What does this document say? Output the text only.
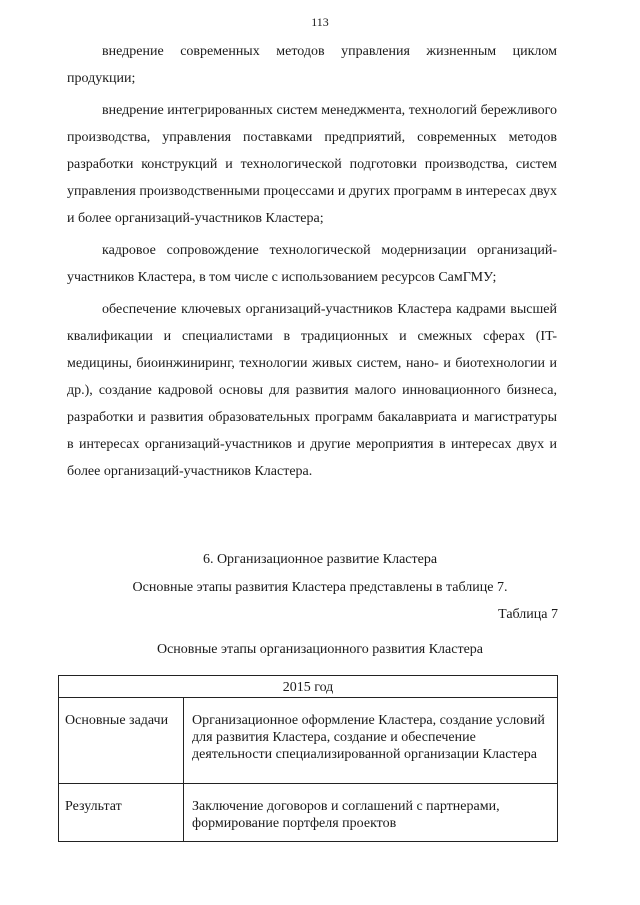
113

внедрение современных методов управления жизненным циклом продукции;

внедрение интегрированных систем менеджмента, технологий бережливого производства, управления поставками предприятий, современных методов разработки конструкций и технологической подготовки производства, систем управления производственными процессами и других программ в интересах двух и более организаций-участников Кластера;

кадровое сопровождение технологической модернизации организаций-участников Кластера, в том числе с использованием ресурсов СамГМУ;

обеспечение ключевых организаций-участников Кластера кадрами высшей квалификации и специалистами в традиционных и смежных сферах (IT-медицины, биоинжиниринг, технологии живых систем, нано- и биотехнологии и др.), создание кадровой основы для развития малого инновационного бизнеса, разработки и развития образовательных программ бакалавриата и магистратуры в интересах организаций-участников и другие мероприятия в интересах двух и более организаций-участников Кластера.

6. Организационное развитие Кластера
Основные этапы развития Кластера представлены в таблице 7.
Таблица 7
Основные этапы организационного развития Кластера
2015 год	
Основные задачи	Организационное оформление Кластера, создание условий для развития Кластера, создание и обеспечение деятельности специализированной организации Кластера
Результат	Заключение договоров и соглашений с партнерами, формирование портфеля проектов
